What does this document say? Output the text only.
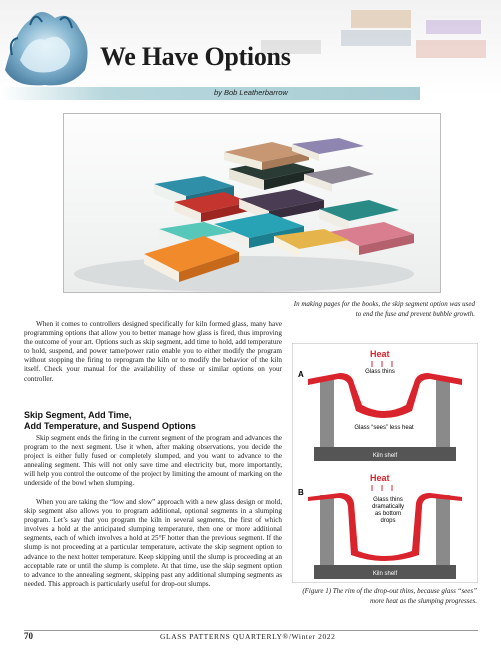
We Have Options
by Bob Leatherbarrow
In making pages for the books, the skip segment option was used to end the fuse and prevent bubble growth.
When it comes to controllers designed specifically for kiln formed glass, many have programming options that allow you to better manage how glass is fired, thus improving the outcome of your art. Options such as skip segment, add time to hold, add temperature to hold, suspend, and power tame/power ratio enable you to either modify the program without stopping the firing to reprogram the kiln or to modify the behavior of the kiln itself. Check your manual for the availability of these or similar options on your controller.
Skip Segment, Add Time,
Add Temperature, and Suspend Options
Skip segment ends the firing in the current segment of the program and advances the program to the next segment. Use it when, after making observations, you decide the project is either fully fused or completely slumped, and you want to advance to the annealing segment. This will not only save time and electricity but, more importantly, will help you control the outcome of the project by limiting the amount of marking on the underside of the bowl when slumping.
When you are taking the “low and slow” approach with a new glass design or mold, skip segment also allows you to program additional, optional segments in a slumping program. Let’s say that you program the kiln in several segments, the first of which involves a hold at the anticipated slumping temperature, then one or more additional segments, each of which involves a hold at 25°F hotter than the previous segment. If the slump is not proceeding at a particular temperature, activate the skip segment option to advance to the next hotter temperature. Keep skipping until the slump is proceeding at an acceptable rate or until the slump is complete. At that time, use the skip segment option to advance to the annealing segment, skipping past any additional slumping segments as needed. This approach is particularly useful for drop-out slumps.
A
Heat
Glass thins
Glass “sees” less heat
Kiln shelf
B
Heat
Glass thins
dramatically
as bottom
drops
Kiln shelf
(Figure 1) The rim of the drop-out thins, because glass “sees” more heat as the slumping progresses.
70	GLASS PATTERNS QUARTERLY®/Winter 2022
